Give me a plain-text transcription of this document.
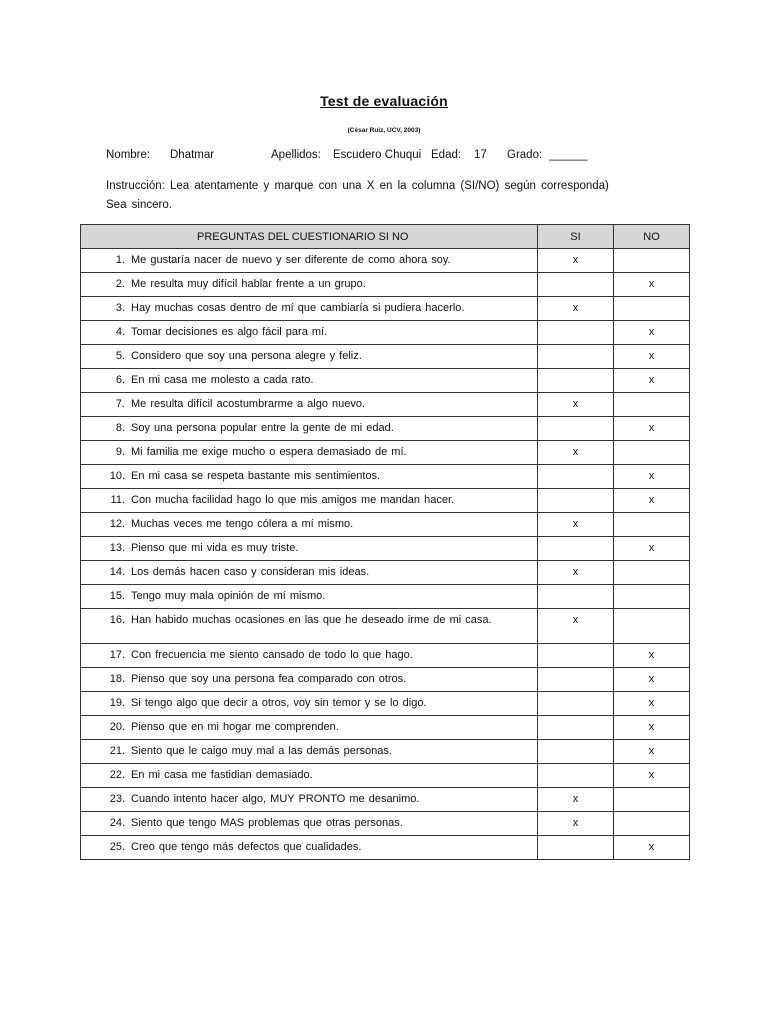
Test de evaluación
(César Ruiz, UCV, 2003)
Nombre: Dhatmar	Apellidos: Escudero Chuqui Edad: 17 Grado: ______
Instrucción: Lea atentamente y marque con una X en la columna (SI/NO) según corresponda)
Sea sincero.
PREGUNTAS DEL CUESTIONARIO SI NO	SI	NO

1. Me gustaría nacer de nuevo y ser diferente de como ahora soy.	x	

2. Me resulta muy difícil hablar frente a un grupo.		x

3. Hay muchas cosas dentro de mí que cambiaría si pudiera hacerlo.	x	

4. Tomar decisiones es algo fácil para mí.		x

5. Considero que soy una persona alegre y feliz.		x

6. En mi casa me molesto a cada rato.		x

7. Me resulta difícil acostumbrarme a algo nuevo.	x	

8. Soy una persona popular entre la gente de mi edad.		x

9. Mi familia me exige mucho o espera demasiado de mí.	x	

10. En mi casa se respeta bastante mis sentimientos.		x

11. Con mucha facilidad hago lo que mis amigos me mandan hacer.		x

12. Muchas veces me tengo cólera a mí mismo.	x	

13. Pienso que mi vida es muy triste.		x

14. Los demás hacen caso y consideran mis ideas.	x	

15. Tengo muy mala opinión de mí mismo.		

16. Han habido muchas ocasiones en las que he deseado irme de mi casa.	x	

17. Con frecuencia me siento cansado de todo lo que hago.		x

18. Pienso que soy una persona fea comparado con otros.		x

19. Si tengo algo que decir a otros, voy sin temor y se lo digo.		x

20. Pienso que en mi hogar me comprenden.		x

21. Siento que le caigo muy mal a las demás personas.		x

22. En mi casa me fastidian demasiado.		x

23. Cuando intento hacer algo, MUY PRONTO me desanimo.	x	

24. Siento que tengo MAS problemas que otras personas.	x	

25. Creo que tengo más defectos que cualidades.		x
